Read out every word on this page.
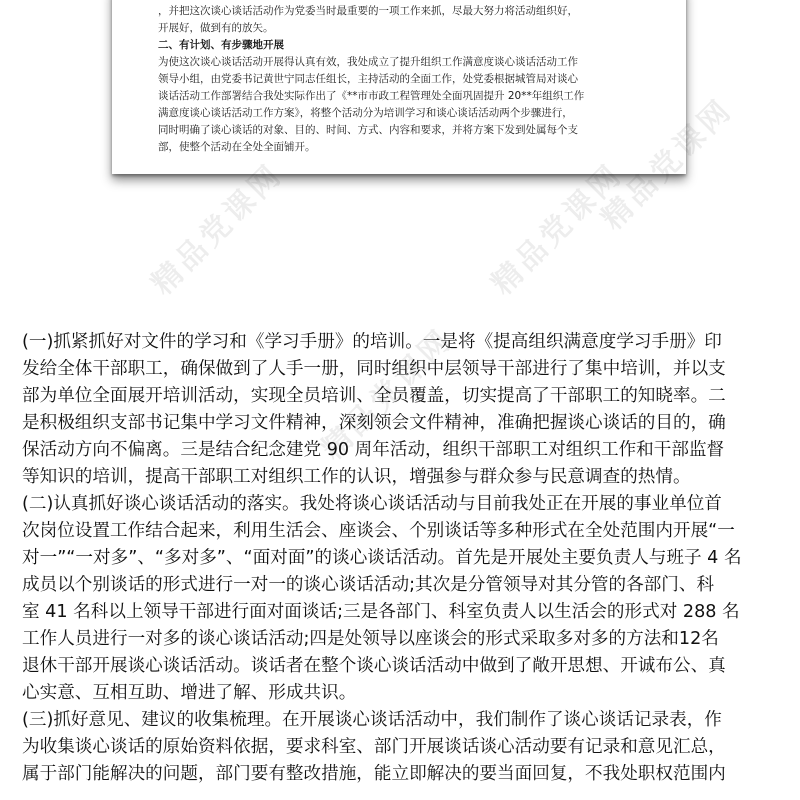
，并把这次谈心谈话活动作为党委当时最重要的一项工作来抓，尽最大努力将活动组织好，
开展好，做到有的放矢。
二、有计划、有步骤地开展
为使这次谈心谈话活动开展得认真有效，我处成立了提升组织工作满意度谈心谈话活动工作
领导小组，由党委书记黄世宁同志任组长，主持活动的全面工作，处党委根据城管局对谈心
谈话活动工作部署结合我处实际作出了《**市市政工程管理处全面巩固提升 20**年组织工作
满意度谈心谈话活动工作方案》，将整个活动分为培训学习和谈心谈话活动两个步骤进行，
同时明确了谈心谈话的对象、目的、时间、方式、内容和要求，并将方案下发到处属每个支
部，使整个活动在全处全面铺开。
精品党课网	精品党课网
精品党课网
(一)抓紧抓好对文件的学习和《学习手册》的培训。一是将《提高组织满意度学习手册》印
发给全体干部职工，确保做到了人手一册，同时组织中层领导干部进行了集中培训，并以支
部为单位全面展开培训活动，实现全员培训、全员覆盖，切实提高了干部职工的知晓率。二
是积极组织支部书记集中学习文件精神，深刻领会文件精神，准确把握谈心谈话的目的，确
保活动方向不偏离。三是结合纪念建党 90 周年活动，组织干部职工对组织工作和干部监督
等知识的培训，提高干部职工对组织工作的认识，增强参与群众参与民意调查的热情。
(二)认真抓好谈心谈话活动的落实。我处将谈心谈话活动与目前我处正在开展的事业单位首
次岗位设置工作结合起来，利用生活会、座谈会、个别谈话等多种形式在全处范围内开展“一
对一”“一对多”、“多对多”、“面对面”的谈心谈话活动。首先是开展处主要负责人与班子 4 名
成员以个别谈话的形式进行一对一的谈心谈话活动;其次是分管领导对其分管的各部门、科
室 41 名科以上领导干部进行面对面谈话;三是各部门、科室负责人以生活会的形式对 288 名
工作人员进行一对多的谈心谈话活动;四是处领导以座谈会的形式采取多对多的方法和12名
退休干部开展谈心谈话活动。谈话者在整个谈心谈话活动中做到了敞开思想、开诚布公、真
心实意、互相互助、增进了解、形成共识。
(三)抓好意见、建议的收集梳理。在开展谈心谈话活动中，我们制作了谈心谈话记录表，作
为收集谈心谈话的原始资料依据，要求科室、部门开展谈话谈心活动要有记录和意见汇总，
属于部门能解决的问题，部门要有整改措施，能立即解决的要当面回复，不我处职权范围内
